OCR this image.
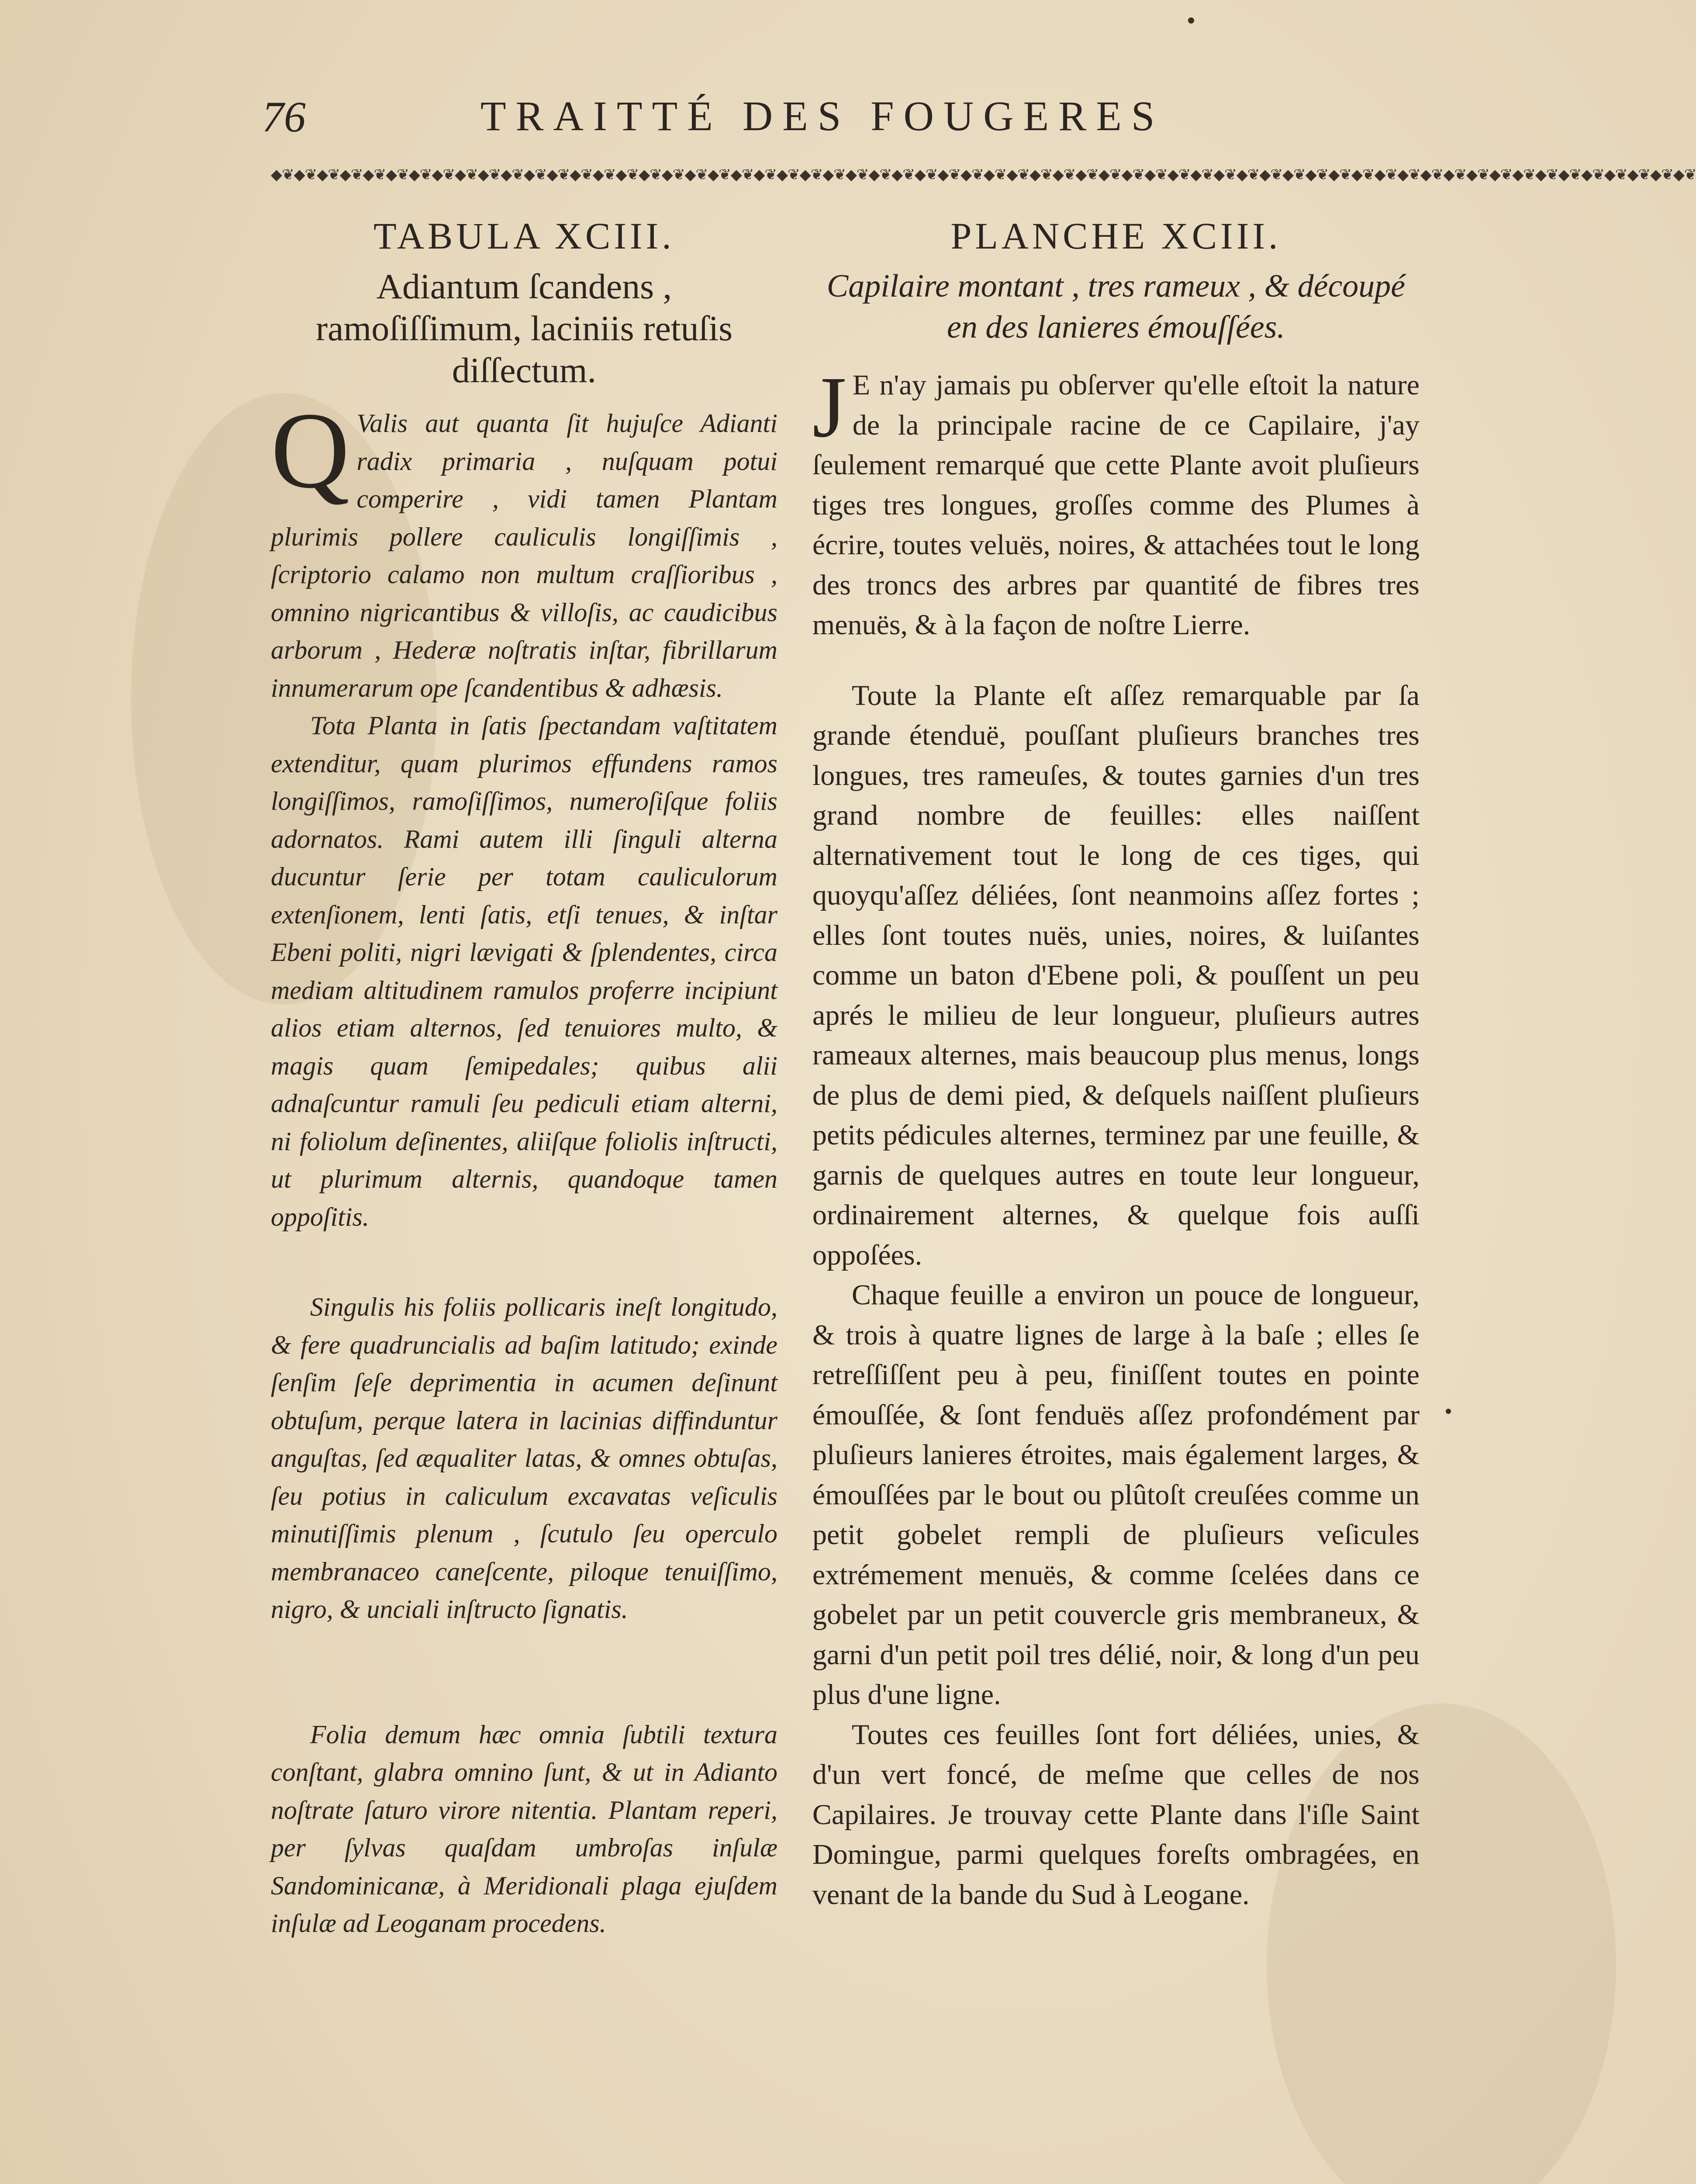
76	TRAITTÉ DES FOUGERES
◆❦◆❦◆❦◆❦◆❦◆❦◆❦◆❦◆❦◆❦◆❦◆❦◆❦◆❦◆❦◆❦◆❦◆❦◆❦◆❦◆❦◆❦◆❦◆❦◆❦◆❦◆❦◆❦◆❦◆❦◆❦◆❦◆❦◆❦◆❦◆❦◆❦◆❦◆❦◆❦◆❦◆❦◆❦◆❦◆❦◆❦◆❦◆❦◆❦◆❦◆❦◆❦◆❦◆❦◆❦◆❦◆❦◆❦◆❦◆❦◆❦◆❦
TABULA XCIII.
Adiantum ſcandens , ramoſiſſimum, laciniis retuſis diſſectum.

Q Valis aut quanta ſit hujuſce Adianti radix primaria , nuſquam potui comperire , vidi tamen Plantam plurimis pollere cauliculis longiſſimis , ſcriptorio calamo non multum craſſioribus , omnino nigricantibus & villoſis, ac caudicibus arborum , Hederæ noſtratis inſtar, fibrillarum innumerarum ope ſcandentibus & adhæsis.

Tota Planta in ſatis ſpectandam vaſtitatem extenditur, quam plurimos effundens ramos longiſſimos, ramoſiſſimos, numeroſiſque foliis adornatos. Rami autem illi ſinguli alterna ducuntur ſerie per totam cauliculorum extenſionem, lenti ſatis, etſi tenues, & inſtar Ebeni politi, nigri lævigati & ſplendentes, circa mediam altitudinem ramulos proferre incipiunt alios etiam alternos, ſed tenuiores multo, & magis quam ſemipedales; quibus alii adnaſcuntur ramuli ſeu pediculi etiam alterni, ni foliolum deſinentes, aliiſque foliolis inſtructi, ut plurimum alternis, quandoque tamen oppoſitis.

Singulis his foliis pollicaris ineſt longitudo, & fere quadruncialis ad baſim latitudo; exinde ſenſim ſeſe deprimentia in acumen deſinunt obtuſum, perque latera in lacinias diffinduntur anguſtas, ſed æqualiter latas, & omnes obtuſas, ſeu potius in caliculum excavatas veſiculis minutiſſimis plenum , ſcutulo ſeu operculo membranaceo caneſcente, piloque tenuiſſimo, nigro, & unciali inſtructo ſignatis.

Folia demum hæc omnia ſubtili textura conſtant, glabra omnino ſunt, & ut in Adianto noſtrate ſaturo virore nitentia. Plantam reperi, per ſylvas quaſdam umbroſas inſulæ Sandominicanæ, à Meridionali plaga ejuſdem inſulæ ad Leoganam procedens.

PLANCHE XCIII.
Capilaire montant , tres rameux , & découpé en des lanieres émouſſées.

J E n'ay jamais pu obſerver qu'elle eſtoit la nature de la principale racine de ce Capilaire, j'ay ſeulement remarqué que cette Plante avoit pluſieurs tiges tres longues, groſſes comme des Plumes à écrire, toutes veluës, noires, & attachées tout le long des troncs des arbres par quantité de fibres tres menuës, & à la façon de noſtre Lierre.

Toute la Plante eſt aſſez remarquable par ſa grande étenduë, pouſſant pluſieurs branches tres longues, tres rameuſes, & toutes garnies d'un tres grand nombre de feuilles: elles naiſſent alternativement tout le long de ces tiges, qui quoyqu'aſſez déliées, ſont neanmoins aſſez fortes ; elles ſont toutes nuës, unies, noires, & luiſantes comme un baton d'Ebene poli, & pouſſent un peu aprés le milieu de leur longueur, pluſieurs autres rameaux alternes, mais beaucoup plus menus, longs de plus de demi pied, & deſquels naiſſent pluſieurs petits pédicules alternes, terminez par une feuille, & garnis de quelques autres en toute leur longueur, ordinairement alternes, & quelque fois auſſi oppoſées.

Chaque feuille a environ un pouce de longueur, & trois à quatre lignes de large à la baſe ; elles ſe retreſſiſſent peu à peu, finiſſent toutes en pointe émouſſée, & ſont fenduës aſſez profondément par pluſieurs lanieres étroites, mais également larges, & émouſſées par le bout ou plûtoſt creuſées comme un petit gobelet rempli de pluſieurs veſicules extrémement menuës, & comme ſcelées dans ce gobelet par un petit couvercle gris membraneux, & garni d'un petit poil tres délié, noir, & long d'un peu plus d'une ligne.

Toutes ces feuilles ſont fort déliées, unies, & d'un vert foncé, de meſme que celles de nos Capilaires. Je trouvay cette Plante dans l'iſle Saint Domingue, parmi quelques foreſts ombragées, en venant de la bande du Sud à Leogane.
